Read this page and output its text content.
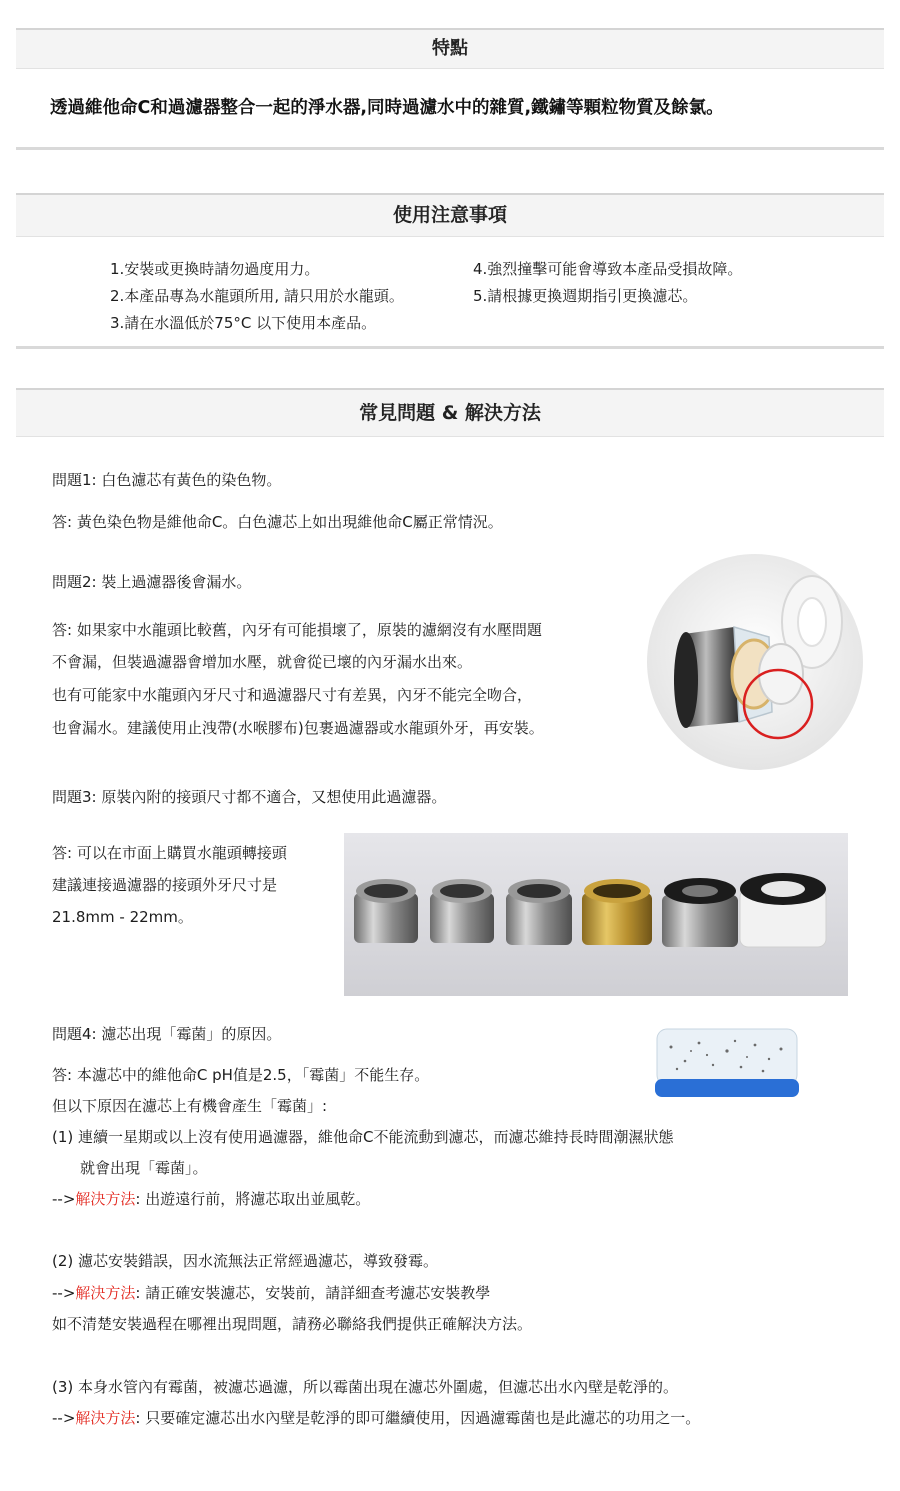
特點
透過維他命C和過濾器整合一起的淨水器,同時過濾水中的雜質,鐵鏽等顆粒物質及餘氯。
使用注意事項
1.安裝或更換時請勿過度用力。
2.本產品專為水龍頭所用, 請只用於水龍頭。
3.請在水溫低於75°C 以下使用本產品。
4.強烈撞擊可能會導致本產品受損故障。
5.請根據更換週期指引更換濾芯。
常見問題 & 解決方法
問題1: 白色濾芯有黃色的染色物。
答: 黃色染色物是維他命C。白色濾芯上如出現維他命C屬正常情況。
問題2: 裝上過濾器後會漏水。
答: 如果家中水龍頭比較舊，內牙有可能損壞了，原裝的濾網沒有水壓問題
不會漏，但裝過濾器會增加水壓，就會從已壞的內牙漏水出來。
也有可能家中水龍頭內牙尺寸和過濾器尺寸有差異，內牙不能完全吻合，
也會漏水。建議使用止洩帶(水喉膠布)包裹過濾器或水龍頭外牙，再安裝。
問題3: 原裝內附的接頭尺寸都不適合，又想使用此過濾器。
答: 可以在市面上購買水龍頭轉接頭
建議連接過濾器的接頭外牙尺寸是
21.8mm - 22mm。
問題4: 濾芯出現「霉菌」的原因。
答: 本濾芯中的維他命C pH值是2.5，「霉菌」不能生存。
但以下原因在濾芯上有機會產生「霉菌」:
(1) 連續一星期或以上沒有使用過濾器，維他命C不能流動到濾芯，而濾芯維持長時間潮濕狀態
就會出現「霉菌」。
-->解決方法: 出遊遠行前，將濾芯取出並風乾。
(2) 濾芯安裝錯誤，因水流無法正常經過濾芯，導致發霉。
-->解決方法: 請正確安裝濾芯，安裝前，請詳細查考濾芯安裝教學
如不清楚安裝過程在哪裡出現問題，請務必聯絡我們提供正確解決方法。
(3) 本身水管內有霉菌，被濾芯過濾，所以霉菌出現在濾芯外圍處，但濾芯出水內壁是乾淨的。
-->解決方法: 只要確定濾芯出水內壁是乾淨的即可繼續使用，因過濾霉菌也是此濾芯的功用之一。
